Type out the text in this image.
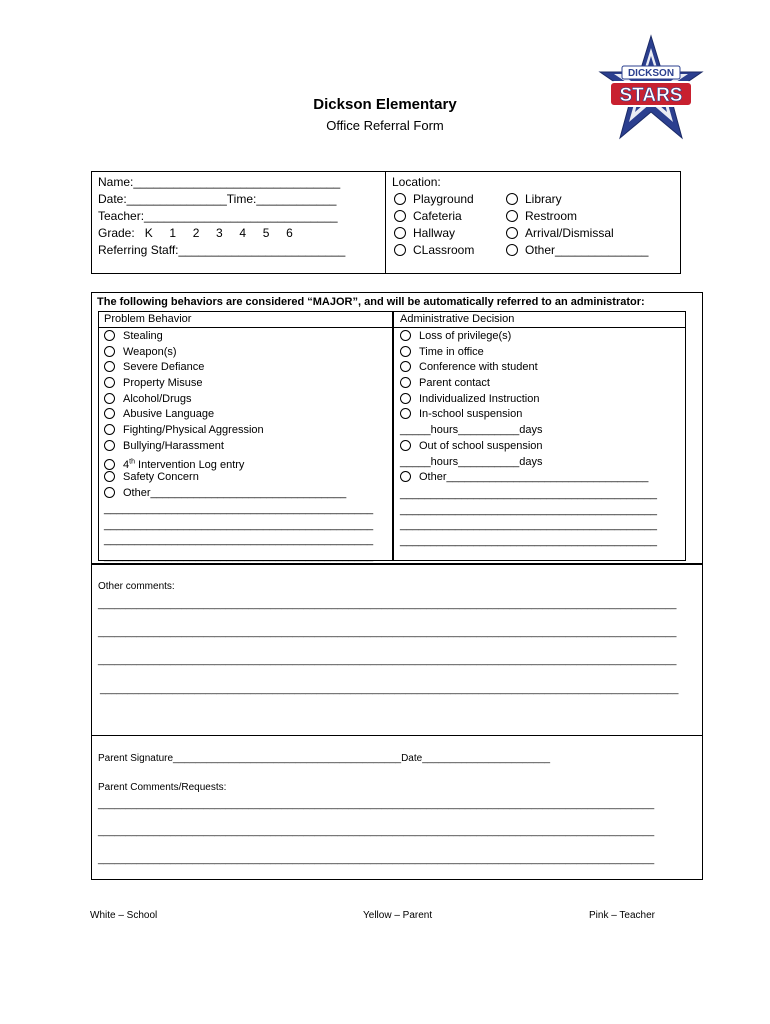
DICKSON
STARS
Dickson Elementary
Office Referral Form
Name:_______________________________
Date:_______________Time:____________
Teacher:_____________________________
Grade:   K     1     2     3     4     5     6
Referring Staff:_________________________
Location:
Playground
Cafeteria
Hallway
CLassroom
Library
Restroom
Arrival/Dismissal
Other______________
The following behaviors are considered “MAJOR”, and will be automatically referred to an administrator:
Problem Behavior	Administrative Decision
Stealing
Weapon(s)
Severe Defiance
Property Misuse
Alcohol/Drugs
Abusive Language
Fighting/Physical Aggression
Bullying/Harassment
4th Intervention Log entry
Safety Concern
Other________________________________
____________________________________________
____________________________________________
____________________________________________
____________________________________________
Loss of privilege(s)
Time in office
Conference with student
Parent contact
Individualized Instruction
In-school suspension
_____hours__________days
Out of school suspension
_____hours__________days
Other_________________________________
__________________________________________
__________________________________________
__________________________________________
__________________________________________
Other comments:
________________________________________________________________________________________________________
________________________________________________________________________________________________________
________________________________________________________________________________________________________
________________________________________________________________________________________________________
Parent Signature_________________________________________Date_______________________
Parent Comments/Requests:
____________________________________________________________________________________________________
____________________________________________________________________________________________________
____________________________________________________________________________________________________
White – School	Yellow – Parent	Pink – Teacher
